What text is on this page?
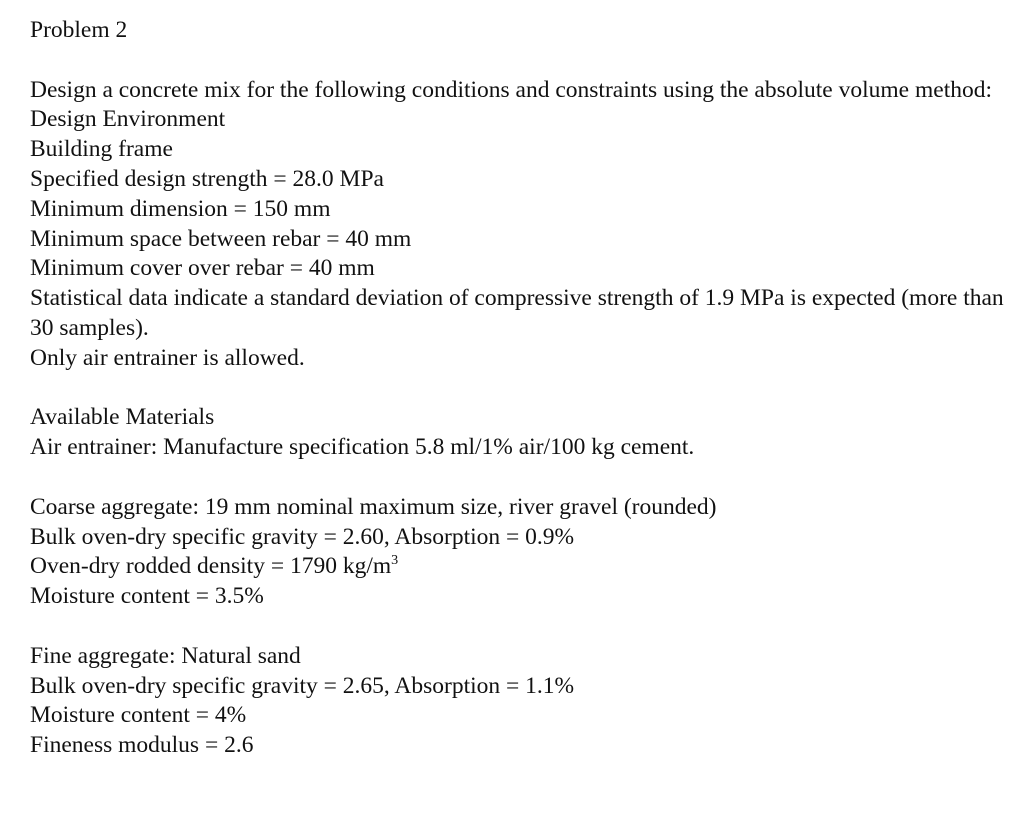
Problem 2

Design a concrete mix for the following conditions and constraints using the absolute volume method:

Design Environment

Building frame

Specified design strength = 28.0 MPa

Minimum dimension = 150 mm

Minimum space between rebar = 40 mm

Minimum cover over rebar = 40 mm

Statistical data indicate a standard deviation of compressive strength of 1.9 MPa is expected (more than 30 samples).

Only air entrainer is allowed.

Available Materials

Air entrainer: Manufacture specification 5.8 ml/1% air/100 kg cement.

Coarse aggregate: 19 mm nominal maximum size, river gravel (rounded)

Bulk oven-dry specific gravity = 2.60, Absorption = 0.9%

Oven-dry rodded density = 1790 $kg/m^3$

Moisture content = 3.5%

Fine aggregate: Natural sand

Bulk oven-dry specific gravity = 2.65, Absorption = 1.1%

Moisture content = 4%

Fineness modulus = 2.6
